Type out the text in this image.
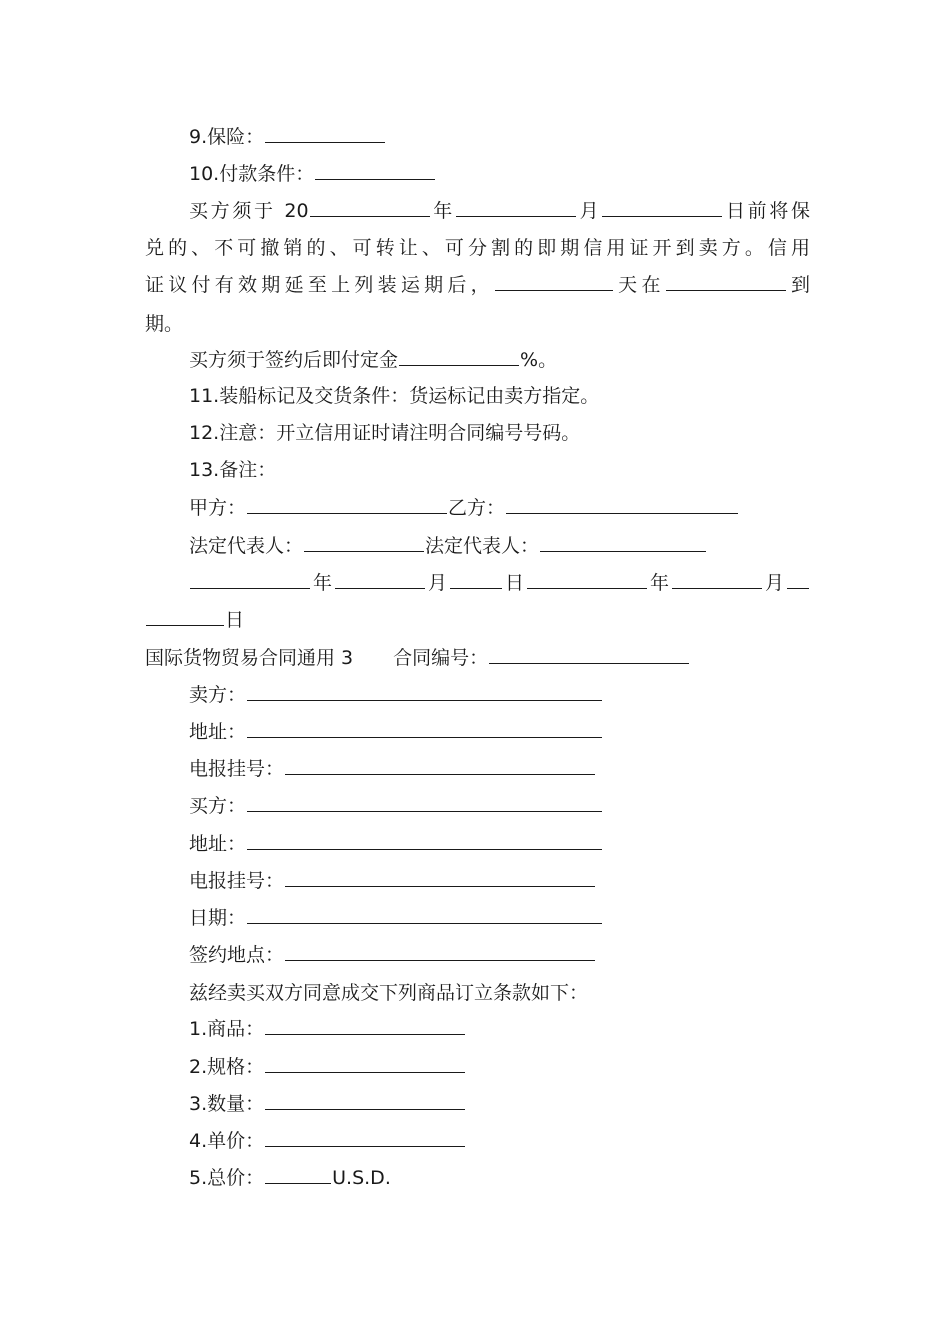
9.保险：
10.付款条件：
买方须于 20	年	月	日前将保
兑的、不可撤销的、可转让、可分割的即期信用证开到卖方。信用
证议付有效期延至上列装运期后，	天在	到
期。
买方须于签约后即付定金	%。
11.装船标记及交货条件：货运标记由卖方指定。
12.注意：开立信用证时请注明合同编号号码。
13.备注：
甲方：	乙方：
法定代表人：	法定代表人：
年	月	日	年	月
日
国际货物贸易合同通用 3 合同编号：
卖方：
地址：
电报挂号：
买方：
地址：
电报挂号：
日期：
签约地点：
兹经卖买双方同意成交下列商品订立条款如下：
1.商品：
2.规格：
3.数量：
4.单价：
5.总价：	U.S.D.
